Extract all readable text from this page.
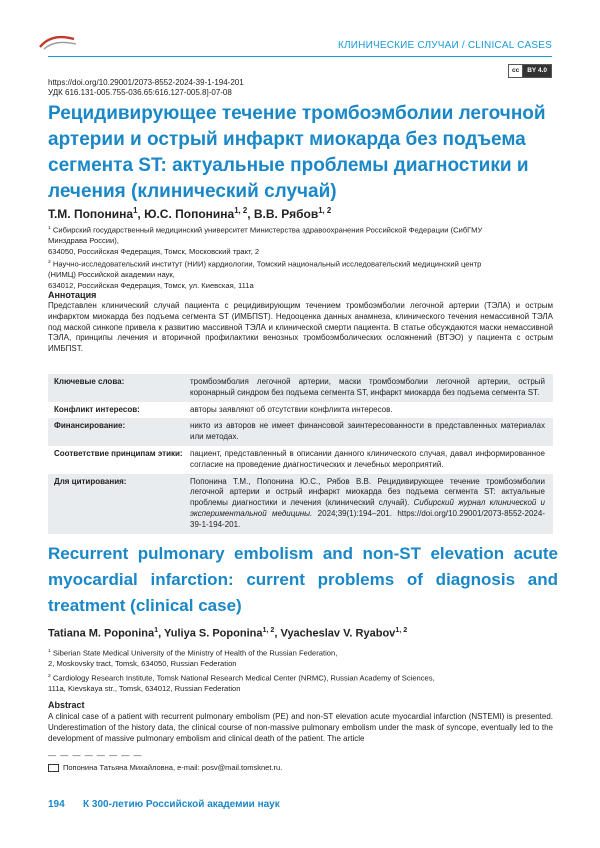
КЛИНИЧЕСКИЕ СЛУЧАИ / CLINICAL CASES
cc	BY 4.0
https://doi.org/10.29001/2073-8552-2024-39-1-194-201
УДК 616.131-005.755-036.65:616.127-005.8]-07-08
Рецидивирующее течение тромбоэмболии легочной артерии и острый инфаркт миокарда без подъема сегмента ST: актуальные проблемы диагностики и лечения (клинический случай)
Т.М. Попонина$^1$, Ю.С. Попонина$^{1, 2}$, В.В. Рябов$^{1, 2}$
$^1$ Сибирский государственный медицинский университет Министерства здравоохранения Российской Федерации (СибГМУ
Минздрава России),
634050, Российская Федерация, Томск, Московский тракт, 2
$^2$ Научно-исследовательский институт (НИИ) кардиологии, Томский национальный исследовательский медицинский центр
(НИМЦ) Российской академии наук,
634012, Российская Федерация, Томск, ул. Киевская, 111а
Аннотация
Представлен клинический случай пациента с рецидивирующим течением тромбоэмболии легочной артерии (ТЭЛА) и острым инфарктом миокарда без подъема сегмента ST (ИМБПST). Недооценка данных анамнеза, клинического течения немассивной ТЭЛА под маской синкопе привела к развитию массивной ТЭЛА и клинической смерти пациента. В статье обсуждаются маски немассивной ТЭЛА, принципы лечения и вторичной профилактики венозных тромбоэмболических осложнений (ВТЭО) у пациента с острым ИМБПST.
Ключевые слова:	тромбоэмболия легочной артерии, маски тромбоэмболии легочной артерии, острый коронарный синдром без подъема сегмента ST, инфаркт миокарда без подъема сегмента ST.
Конфликт интересов:	авторы заявляют об отсутствии конфликта интересов.
Финансирование:	никто из авторов не имеет финансовой заинтересованности в представленных материалах или методах.
Соответствие принципам этики: пациент, представленный в описании данного клинического случая, давал информированное согласие на проведение диагностических и лечебных мероприятий.
Для цитирования:	Попонина Т.М., Попонина Ю.С., Рябов В.В. Рецидивирующее течение тромбоэмболии легочной артерии и острый инфаркт миокарда без подъема сегмента ST: актуальные проблемы диагностики и лечения (клинический случай). Сибирский журнал клинической и экспериментальной медицины. 2024;39(1):194–201. https://doi.org/10.29001/2073-8552-2024-39-1-194-201.
Recurrent pulmonary embolism and non-ST elevation acute myocardial infarction: current problems of diagnosis and treatment (clinical case)
Tatiana M. Poponina$^1$, Yuliya S. Poponina$^{1, 2}$, Vyacheslav V. Ryabov$^{1, 2}$
$^1$ Siberian State Medical University of the Ministry of Health of the Russian Federation,
2, Moskovsky tract, Tomsk, 634050, Russian Federation
$^2$ Cardiology Research Institute, Tomsk National Research Medical Center (NRMC), Russian Academy of Sciences,
111a, Kievskaya str., Tomsk, 634012, Russian Federation
Abstract
A clinical case of a patient with recurrent pulmonary embolism (PE) and non-ST elevation acute myocardial infarction (NSTEMI) is presented. Underestimation of the history data, the clinical course of non-massive pulmonary embolism under the mask of syncope, eventually led to the development of massive pulmonary embolism and clinical death of the patient. The article
— — — — — — — —
Попонина Татьяна Михайловна, e-mail: posv@mail.tomsknet.ru.
194 К 300-летию Российской академии наук
